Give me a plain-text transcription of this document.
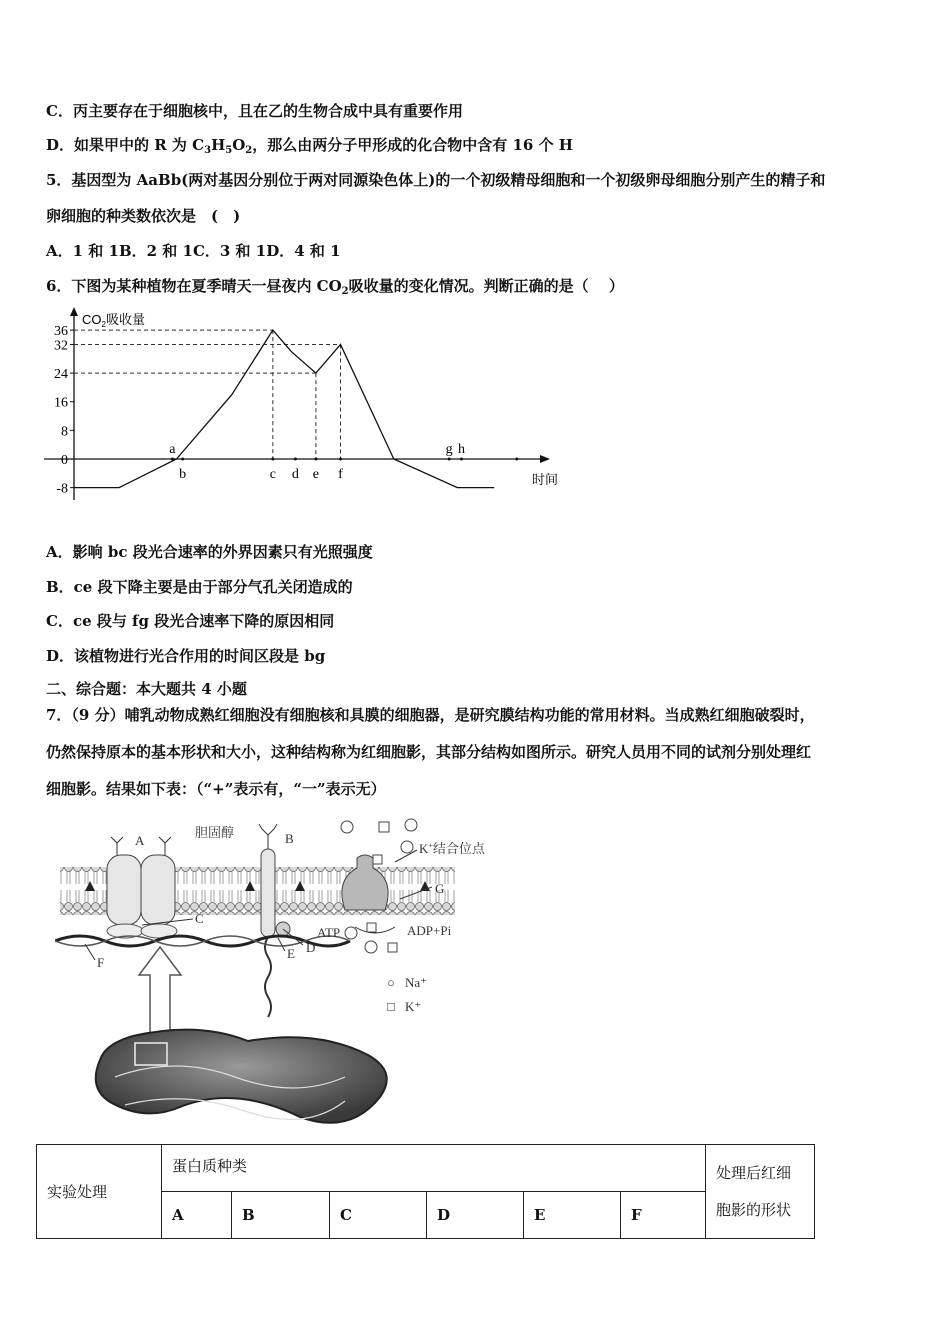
C．丙主要存在于细胞核中，且在乙的生物合成中具有重要作用
D．如果甲中的 R 为 $C_3H_5O_2$，那么由两分子甲形成的化合物中含有 16 个 H
5．基因型为 AaBb(两对基因分别位于两对同源染色体上)的一个初级精母细胞和一个初级卵母细胞分别产生的精子和
卵细胞的种类数依次是　(　)
A．1 和 1B．2 和 1C．3 和 1D．4 和 1
6．下图为某种植物在夏季晴天一昼夜内 $CO_2$吸收量的变化情况。判断正确的是（　 ）
$CO_2$吸收量
时间
36
32
24
16
8
0
-8
a	g h
b	c d e f
A．影响 bc 段光合速率的外界因素只有光照强度
B．ce 段下降主要是由于部分气孔关闭造成的
C．ce 段与 fg 段光合速率下降的原因相同
D．该植物进行光合作用的时间区段是 bg
二、综合题：本大题共 4 小题
7．（9 分）哺乳动物成熟红细胞没有细胞核和具膜的细胞器，是研究膜结构功能的常用材料。当成熟红细胞破裂时，
仍然保持原本的基本形状和大小，这种结构称为红细胞影，其部分结构如图所示。研究人员用不同的试剂分别处理红
细胞影。结果如下表：（“+”表示有，“一”表示无）
A
胆固醇	B
K+结合位点
G
C
ATP	ADP+Pi
E D
F
○ Na⁺
□ K⁺
实验处理	蛋白质种类						处理后红细
胞影的形状

	A	B	C	D	E	F	
